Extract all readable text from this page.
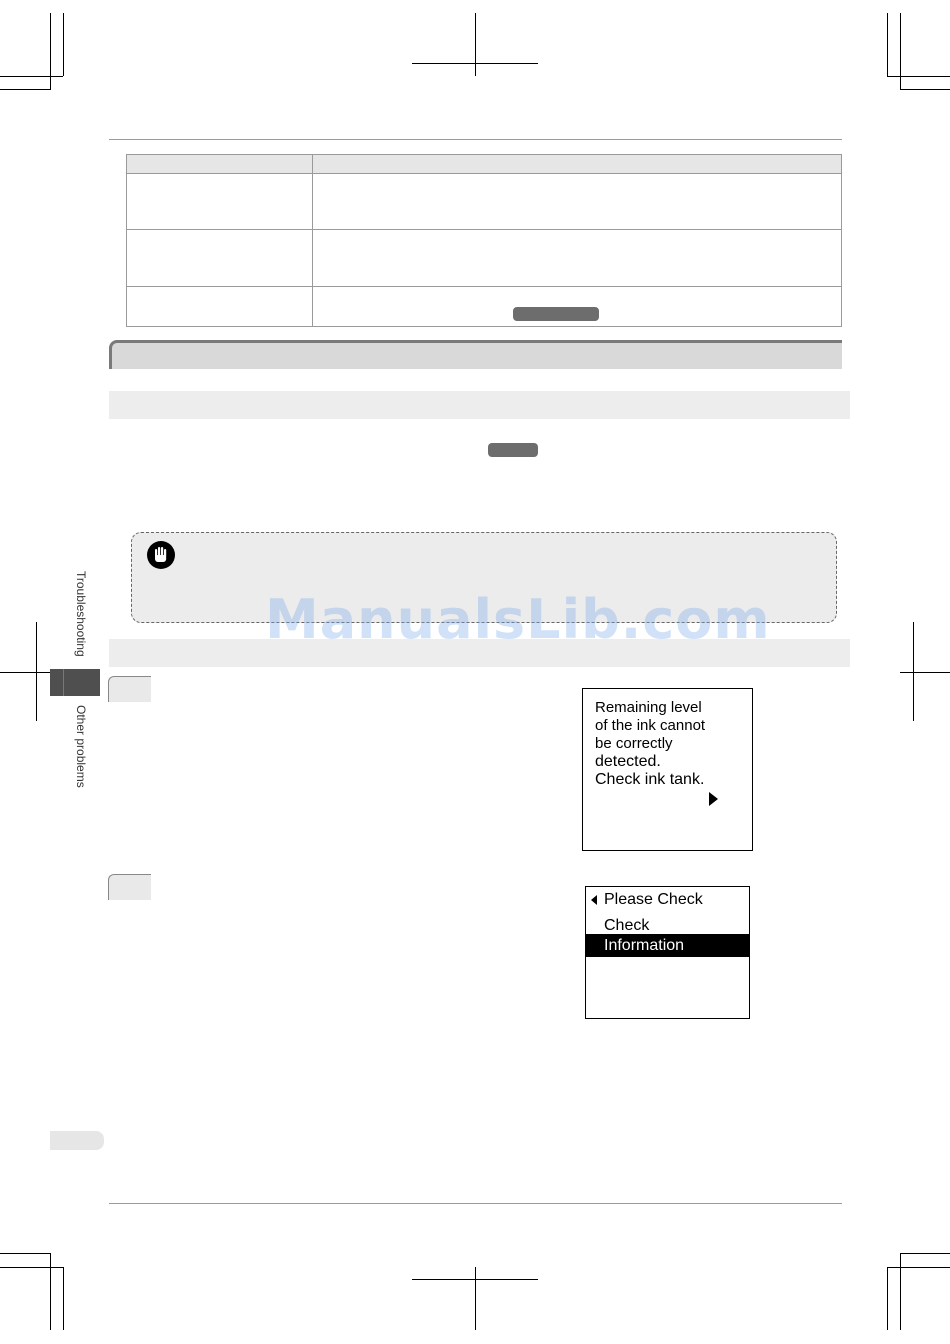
ManualsLib.com
Troubleshooting
Other problems	Remaining level
of the ink cannot
be correctly
detected.
Check ink tank.
Please Check
Check
Information
